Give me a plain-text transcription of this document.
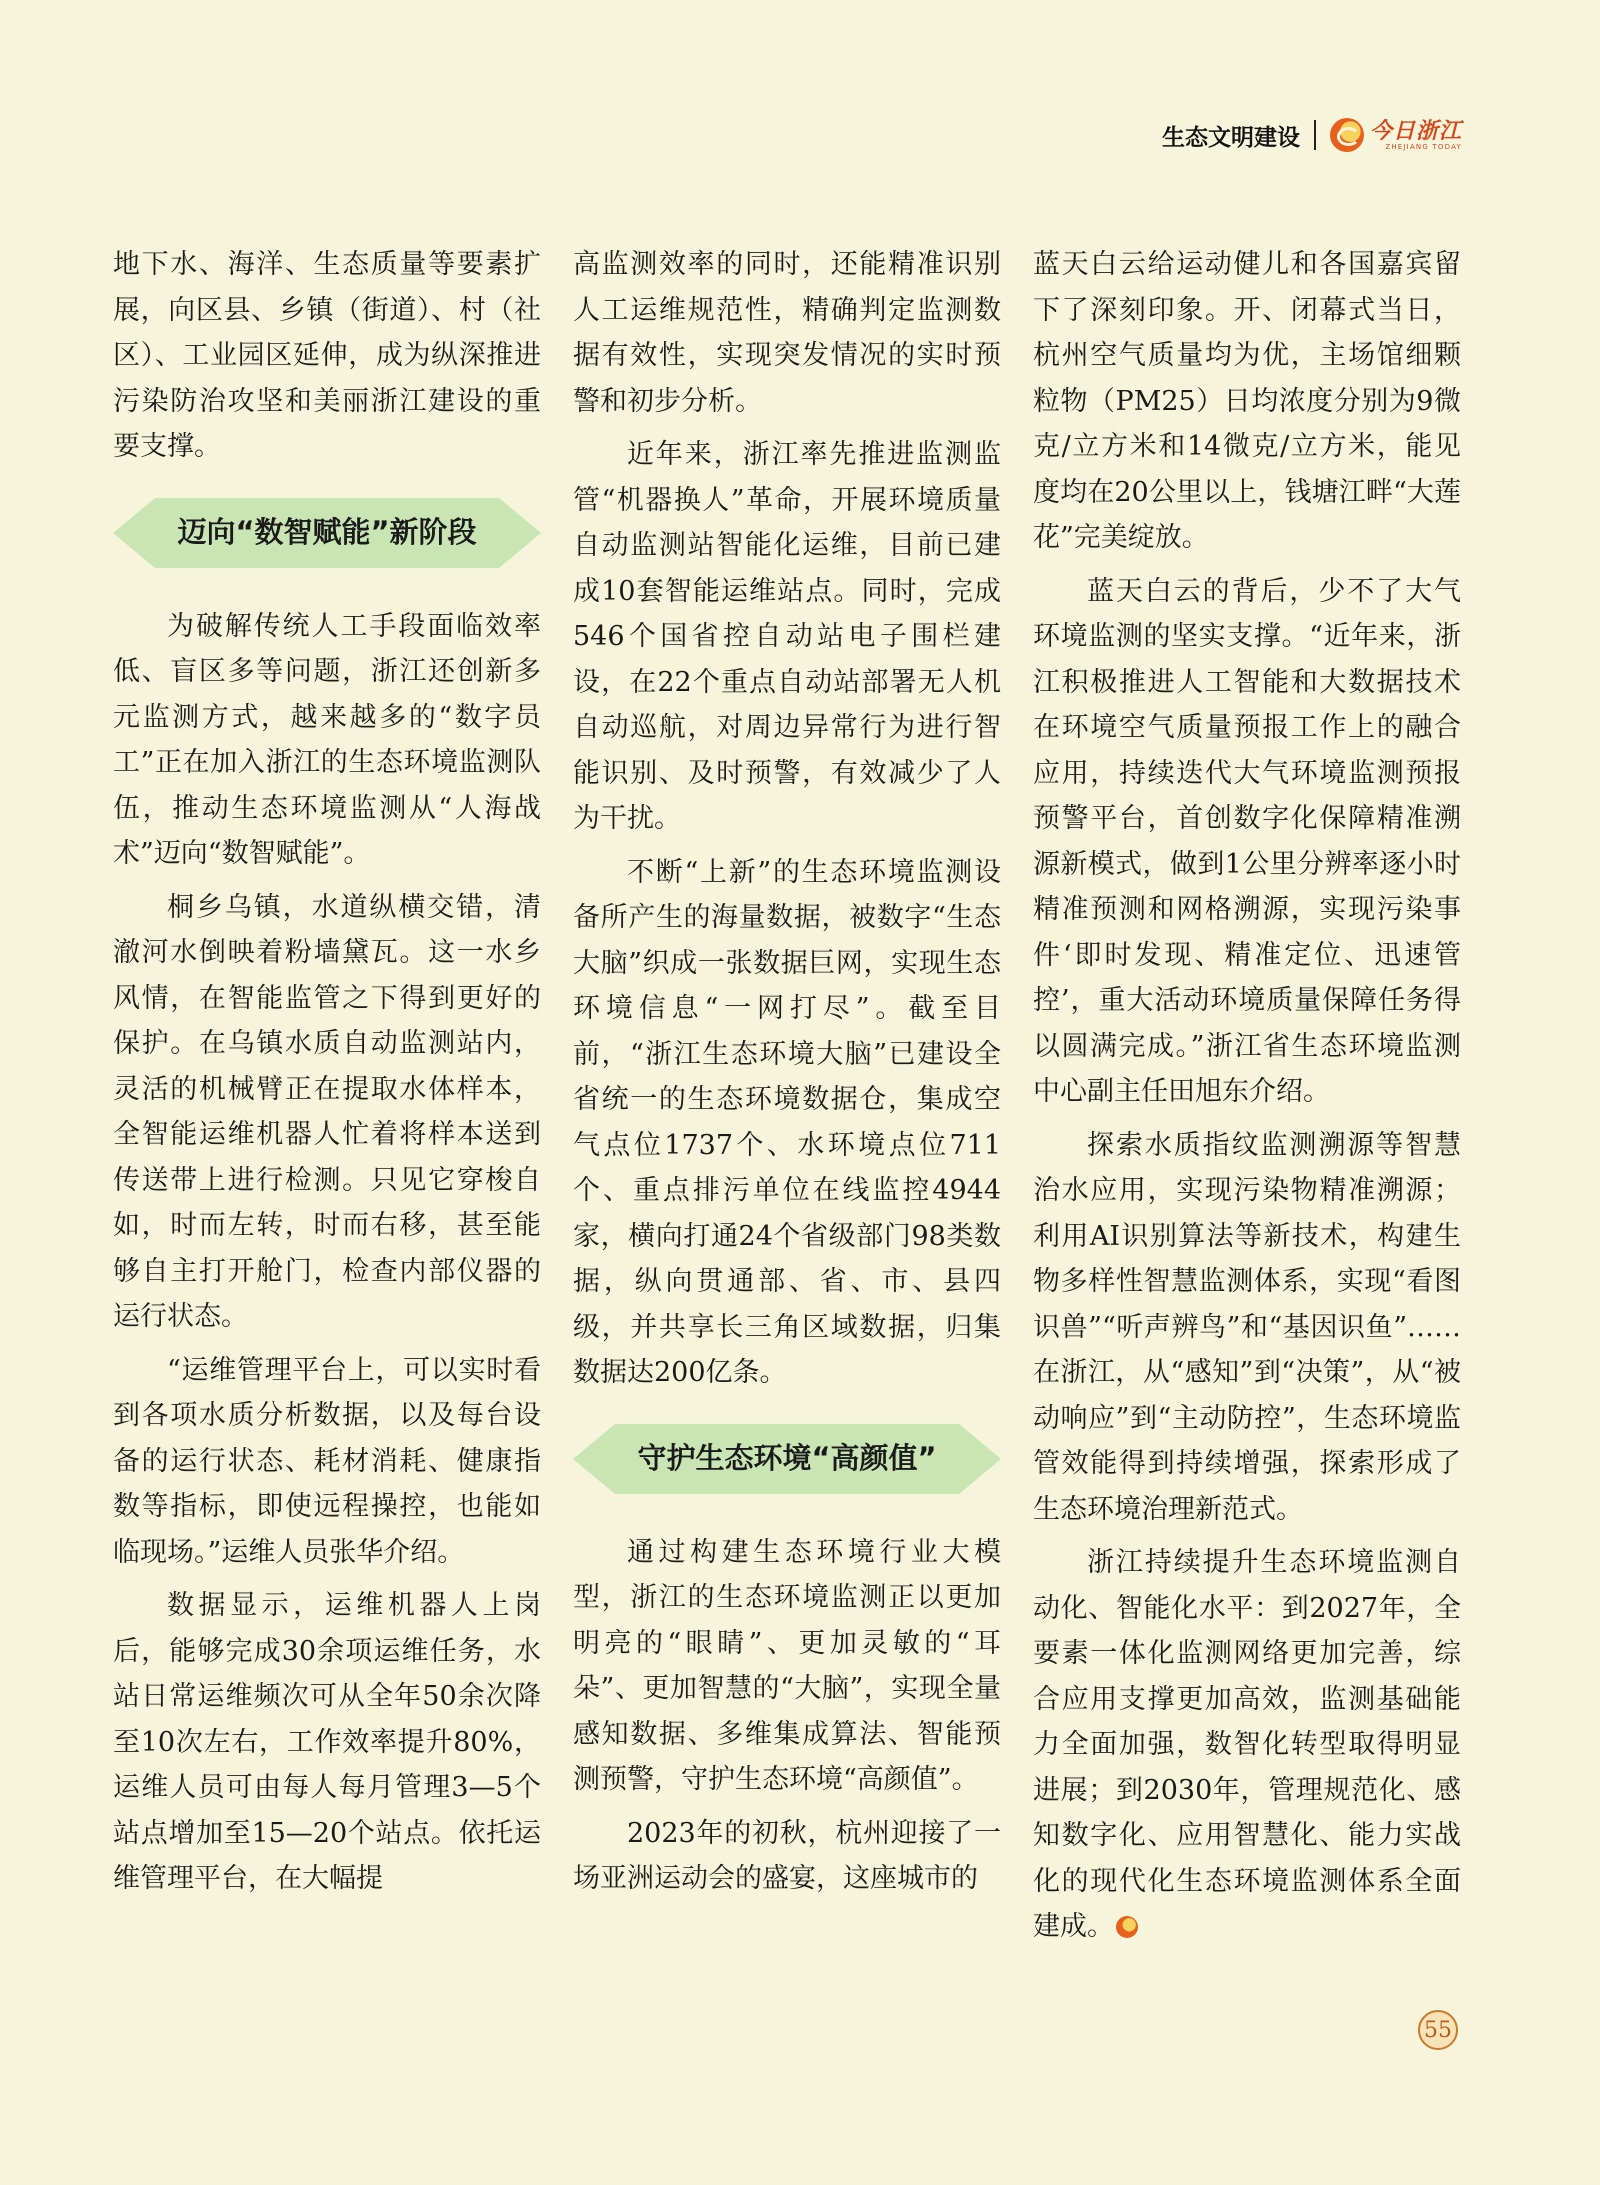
生态文明建设	今日浙江
ZHEJIANG TODAY

地下水、海洋、生态质量等要素扩展，向区县、乡镇（街道）、村（社区）、工业园区延伸，成为纵深推进污染防治攻坚和美丽浙江建设的重要支撑。

迈向“数智赋能”新阶段

为破解传统人工手段面临效率低、盲区多等问题，浙江还创新多元监测方式，越来越多的“数字员工”正在加入浙江的生态环境监测队伍，推动生态环境监测从“人海战术”迈向“数智赋能”。

桐乡乌镇，水道纵横交错，清澈河水倒映着粉墙黛瓦。这一水乡风情，在智能监管之下得到更好的保护。在乌镇水质自动监测站内，灵活的机械臂正在提取水体样本，全智能运维机器人忙着将样本送到传送带上进行检测。只见它穿梭自如，时而左转，时而右移，甚至能够自主打开舱门，检查内部仪器的运行状态。

“运维管理平台上，可以实时看到各项水质分析数据，以及每台设备的运行状态、耗材消耗、健康指数等指标，即使远程操控，也能如临现场。”运维人员张华介绍。

数据显示，运维机器人上岗后，能够完成30余项运维任务，水站日常运维频次可从全年50余次降至10次左右，工作效率提升80%，运维人员可由每人每月管理3—5个站点增加至15—20个站点。依托运维管理平台，在大幅提

高监测效率的同时，还能精准识别人工运维规范性，精确判定监测数据有效性，实现突发情况的实时预警和初步分析。

近年来，浙江率先推进监测监管“机器换人”革命，开展环境质量自动监测站智能化运维，目前已建成10套智能运维站点。同时，完成546个国省控自动站电子围栏建设，在22个重点自动站部署无人机自动巡航，对周边异常行为进行智能识别、及时预警，有效减少了人为干扰。

不断“上新”的生态环境监测设备所产生的海量数据，被数字“生态大脑”织成一张数据巨网，实现生态环境信息“一网打尽”。截至目前，“浙江生态环境大脑”已建设全省统一的生态环境数据仓，集成空气点位1737个、水环境点位711个、重点排污单位在线监控4944家，横向打通24个省级部门98类数据，纵向贯通部、省、市、县四级，并共享长三角区域数据，归集数据达200亿条。

守护生态环境“高颜值”

通过构建生态环境行业大模型，浙江的生态环境监测正以更加明亮的“眼睛”、更加灵敏的“耳朵”、更加智慧的“大脑”，实现全量感知数据、多维集成算法、智能预测预警，守护生态环境“高颜值”。

2023年的初秋，杭州迎接了一场亚洲运动会的盛宴，这座城市的

蓝天白云给运动健儿和各国嘉宾留下了深刻印象。开、闭幕式当日，杭州空气质量均为优，主场馆细颗粒物（PM25）日均浓度分别为9微克/立方米和14微克/立方米，能见度均在20公里以上，钱塘江畔“大莲花”完美绽放。

蓝天白云的背后，少不了大气环境监测的坚实支撑。“近年来，浙江积极推进人工智能和大数据技术在环境空气质量预报工作上的融合应用，持续迭代大气环境监测预报预警平台，首创数字化保障精准溯源新模式，做到1公里分辨率逐小时精准预测和网格溯源，实现污染事件‘即时发现、精准定位、迅速管控’，重大活动环境质量保障任务得以圆满完成。”浙江省生态环境监测中心副主任田旭东介绍。

探索水质指纹监测溯源等智慧治水应用，实现污染物精准溯源；利用AI识别算法等新技术，构建生物多样性智慧监测体系，实现“看图识兽”“听声辨鸟”和“基因识鱼”……在浙江，从“感知”到“决策”，从“被动响应”到“主动防控”，生态环境监管效能得到持续增强，探索形成了生态环境治理新范式。

浙江持续提升生态环境监测自动化、智能化水平：到2027年，全要素一体化监测网络更加完善，综合应用支撑更加高效，监测基础能力全面加强，数智化转型取得明显进展；到2030年，管理规范化、感知数字化、应用智慧化、能力实战化的现代化生态环境监测体系全面建成。

55
